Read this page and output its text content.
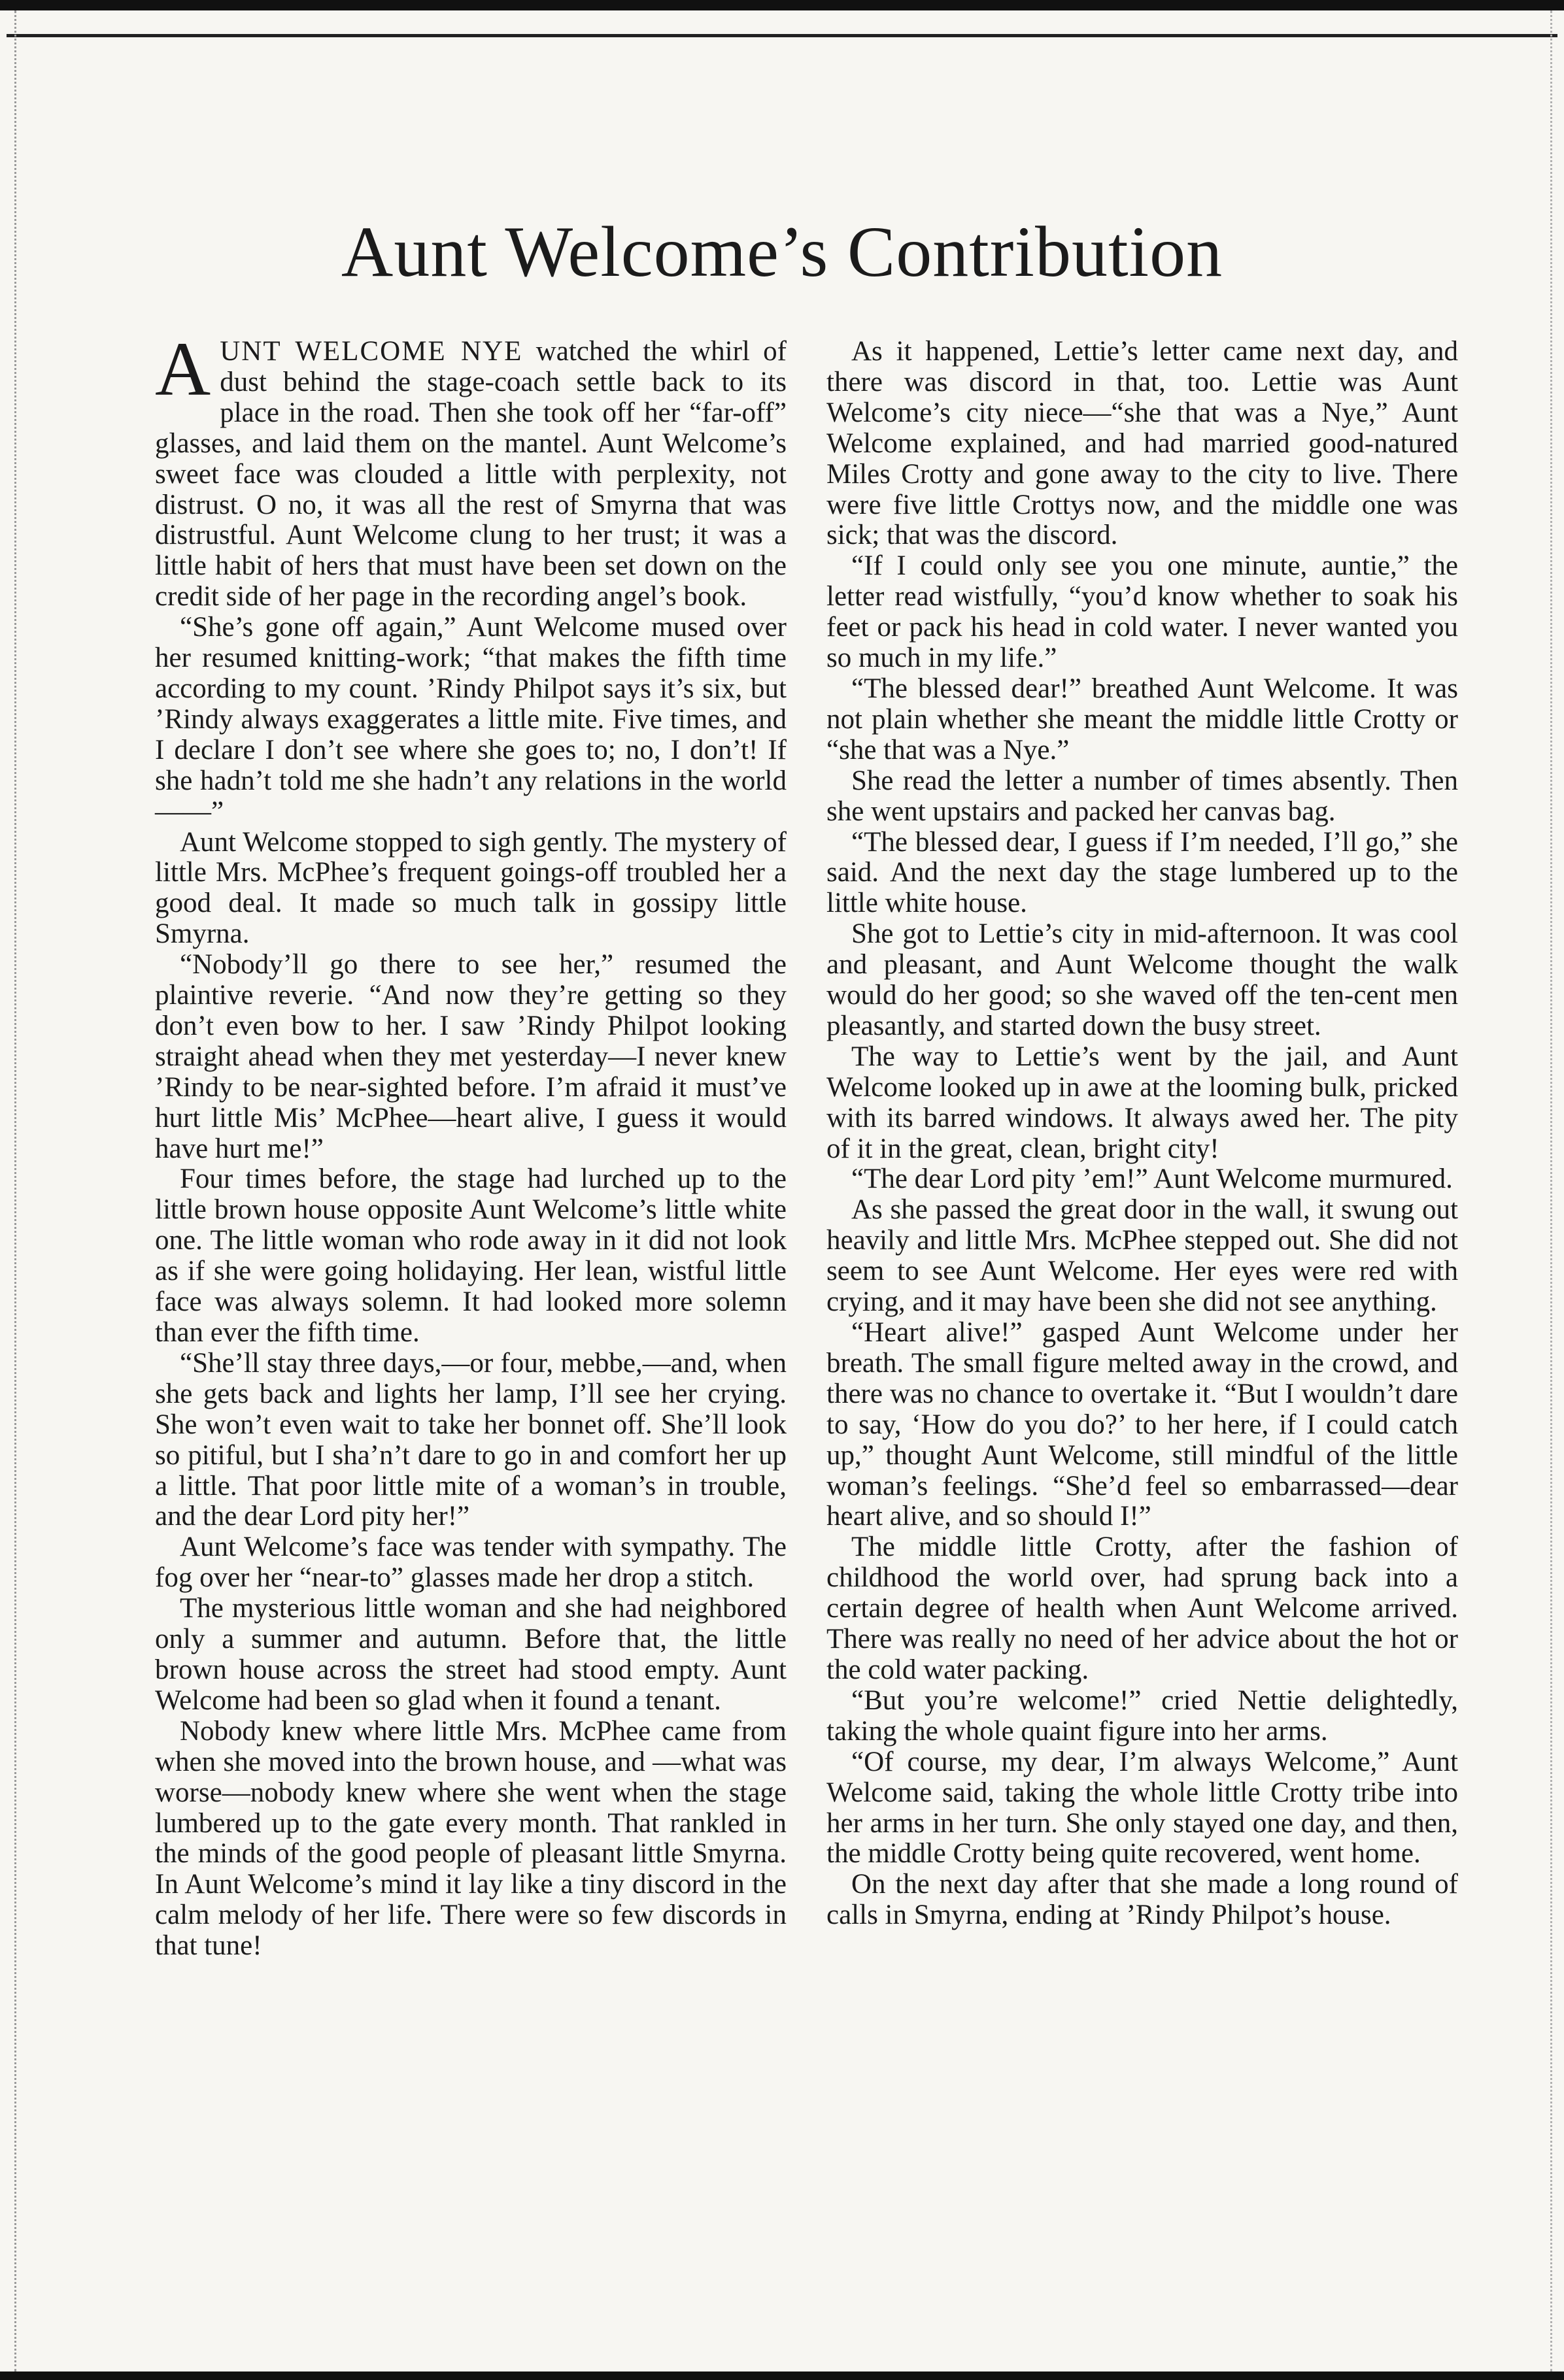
Aunt Welcome’s Contribution

AUNT WELCOME NYE watched the whirl of dust behind the stage-coach settle back to its place in the road. Then she took off her “far-off” glasses, and laid them on the mantel. Aunt Welcome’s sweet face was clouded a little with perplexity, not distrust. O no, it was all the rest of Smyrna that was distrustful. Aunt Welcome clung to her trust; it was a little habit of hers that must have been set down on the credit side of her page in the recording angel’s book.

“She’s gone off again,” Aunt Welcome mused over her resumed knitting-work; “that makes the fifth time according to my count. ’Rindy Philpot says it’s six, but ’Rindy always exaggerates a little mite. Five times, and I declare I don’t see where she goes to; no, I don’t! If she hadn’t told me she hadn’t any relations in the world——”

Aunt Welcome stopped to sigh gently. The mystery of little Mrs. McPhee’s frequent goings-off troubled her a good deal. It made so much talk in gossipy little Smyrna.

“Nobody’ll go there to see her,” resumed the plaintive reverie. “And now they’re getting so they don’t even bow to her. I saw ’Rindy Philpot looking straight ahead when they met yesterday—I never knew ’Rindy to be near-sighted before. I’m afraid it must’ve hurt little Mis’ McPhee—heart alive, I guess it would have hurt me!”

Four times before, the stage had lurched up to the little brown house opposite Aunt Welcome’s little white one. The little woman who rode away in it did not look as if she were going holidaying. Her lean, wistful little face was always solemn. It had looked more solemn than ever the fifth time.

“She’ll stay three days,—or four, mebbe,—and, when she gets back and lights her lamp, I’ll see her crying. She won’t even wait to take her bonnet off. She’ll look so pitiful, but I sha’n’t dare to go in and comfort her up a little. That poor little mite of a woman’s in trouble, and the dear Lord pity her!”

Aunt Welcome’s face was tender with sympathy. The fog over her “near-to” glasses made her drop a stitch.

The mysterious little woman and she had neighbored only a summer and autumn. Before that, the little brown house across the street had stood empty. Aunt Welcome had been so glad when it found a tenant.

Nobody knew where little Mrs. McPhee came from when she moved into the brown house, and —what was worse—nobody knew where she went when the stage lumbered up to the gate every month. That rankled in the minds of the good people of pleasant little Smyrna. In Aunt Welcome’s mind it lay like a tiny discord in the calm melody of her life. There were so few discords in that tune!

As it happened, Lettie’s letter came next day, and there was discord in that, too. Lettie was Aunt Welcome’s city niece—“she that was a Nye,” Aunt Welcome explained, and had married good-natured Miles Crotty and gone away to the city to live. There were five little Crottys now, and the middle one was sick; that was the discord.

“If I could only see you one minute, auntie,” the letter read wistfully, “you’d know whether to soak his feet or pack his head in cold water. I never wanted you so much in my life.”

“The blessed dear!” breathed Aunt Welcome. It was not plain whether she meant the middle little Crotty or “she that was a Nye.”

She read the letter a number of times absently. Then she went upstairs and packed her canvas bag.

“The blessed dear, I guess if I’m needed, I’ll go,” she said. And the next day the stage lumbered up to the little white house.

She got to Lettie’s city in mid-afternoon. It was cool and pleasant, and Aunt Welcome thought the walk would do her good; so she waved off the ten-cent men pleasantly, and started down the busy street.

The way to Lettie’s went by the jail, and Aunt Welcome looked up in awe at the looming bulk, pricked with its barred windows. It always awed her. The pity of it in the great, clean, bright city!

“The dear Lord pity ’em!” Aunt Welcome murmured.

As she passed the great door in the wall, it swung out heavily and little Mrs. McPhee stepped out. She did not seem to see Aunt Welcome. Her eyes were red with crying, and it may have been she did not see anything.

“Heart alive!” gasped Aunt Welcome under her breath. The small figure melted away in the crowd, and there was no chance to overtake it. “But I wouldn’t dare to say, ‘How do you do?’ to her here, if I could catch up,” thought Aunt Welcome, still mindful of the little woman’s feelings. “She’d feel so embarrassed—dear heart alive, and so should I!”

The middle little Crotty, after the fashion of childhood the world over, had sprung back into a certain degree of health when Aunt Welcome arrived. There was really no need of her advice about the hot or the cold water packing.

“But you’re welcome!” cried Nettie delightedly, taking the whole quaint figure into her arms.

“Of course, my dear, I’m always Welcome,” Aunt Welcome said, taking the whole little Crotty tribe into her arms in her turn. She only stayed one day, and then, the middle Crotty being quite recovered, went home.

On the next day after that she made a long round of calls in Smyrna, ending at ’Rindy Philpot’s house.
